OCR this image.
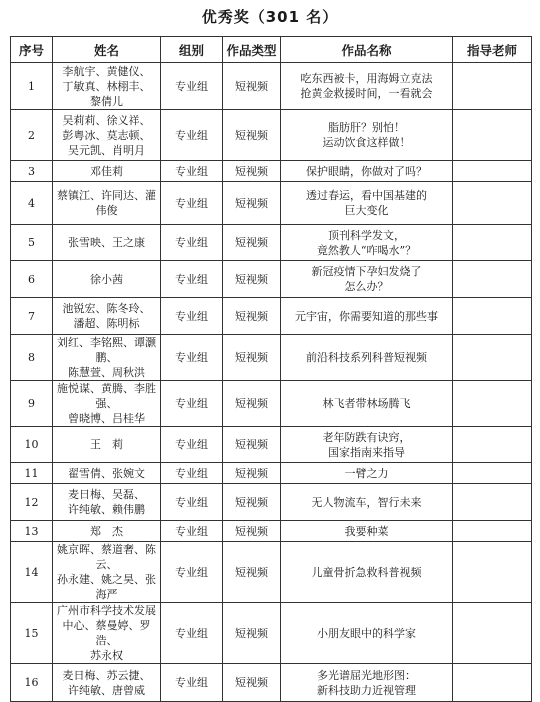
优秀奖（301 名）
序号	姓名	组别	作品类型	作品名称	指导老师
1	李航宇、黄健仪、
丁敏真、林栩丰、
黎倩儿	专业组	短视频	吃东西被卡，用海姆立克法
抢黄金救援时间，一看就会	
2	吴莉莉、徐义祥、
彭粤冰、莫志顿、
吴元凯、肖明月	专业组	短视频	脂肪肝？别怕！
运动饮食这样做！	
3	邓佳莉	专业组	短视频	保护眼睛，你做对了吗？	
4	蔡镇江、许同达、灌伟俊	专业组	短视频	透过春运，看中国基建的
巨大变化	
5	张雪映、王之康	专业组	短视频	顶刊科学发文，
竟然教人“咋喝水”？	
6	徐小茜	专业组	短视频	新冠疫情下孕妇发烧了
怎么办？	
7	池锐宏、陈冬玲、
潘超、陈明标	专业组	短视频	元宇宙，你需要知道的那些事	
8	刘红、李铭熙、谭灏鹏、
陈慧萱、周秋洪	专业组	短视频	前沿科技系列科普短视频	
9	施悦谋、黄腾、李胜强、
曾晓博、吕桂华	专业组	短视频	林飞者带林场腾飞	
10	王　莉	专业组	短视频	老年防跌有诀窍，
国家指南来指导	
11	翟雪倩、张婉文	专业组	短视频	一臂之力	
12	麦日梅、吴磊、
许纯敏、赖伟鹏	专业组	短视频	无人物流车，智行未来	
13	郑　杰	专业组	短视频	我要种菜	
14	姚京晖、蔡道奢、陈云、
孙永建、姚之昊、张海严	专业组	短视频	儿童骨折急救科普视频	
15	广州市科学技术发展
中心、蔡曼婷、罗浩、
苏永权	专业组	短视频	小朋友眼中的科学家	
16	麦日梅、苏云捷、
许纯敏、唐曾威	专业组	短视频	多光谱屈光地形图：
新科技助力近视管理	
